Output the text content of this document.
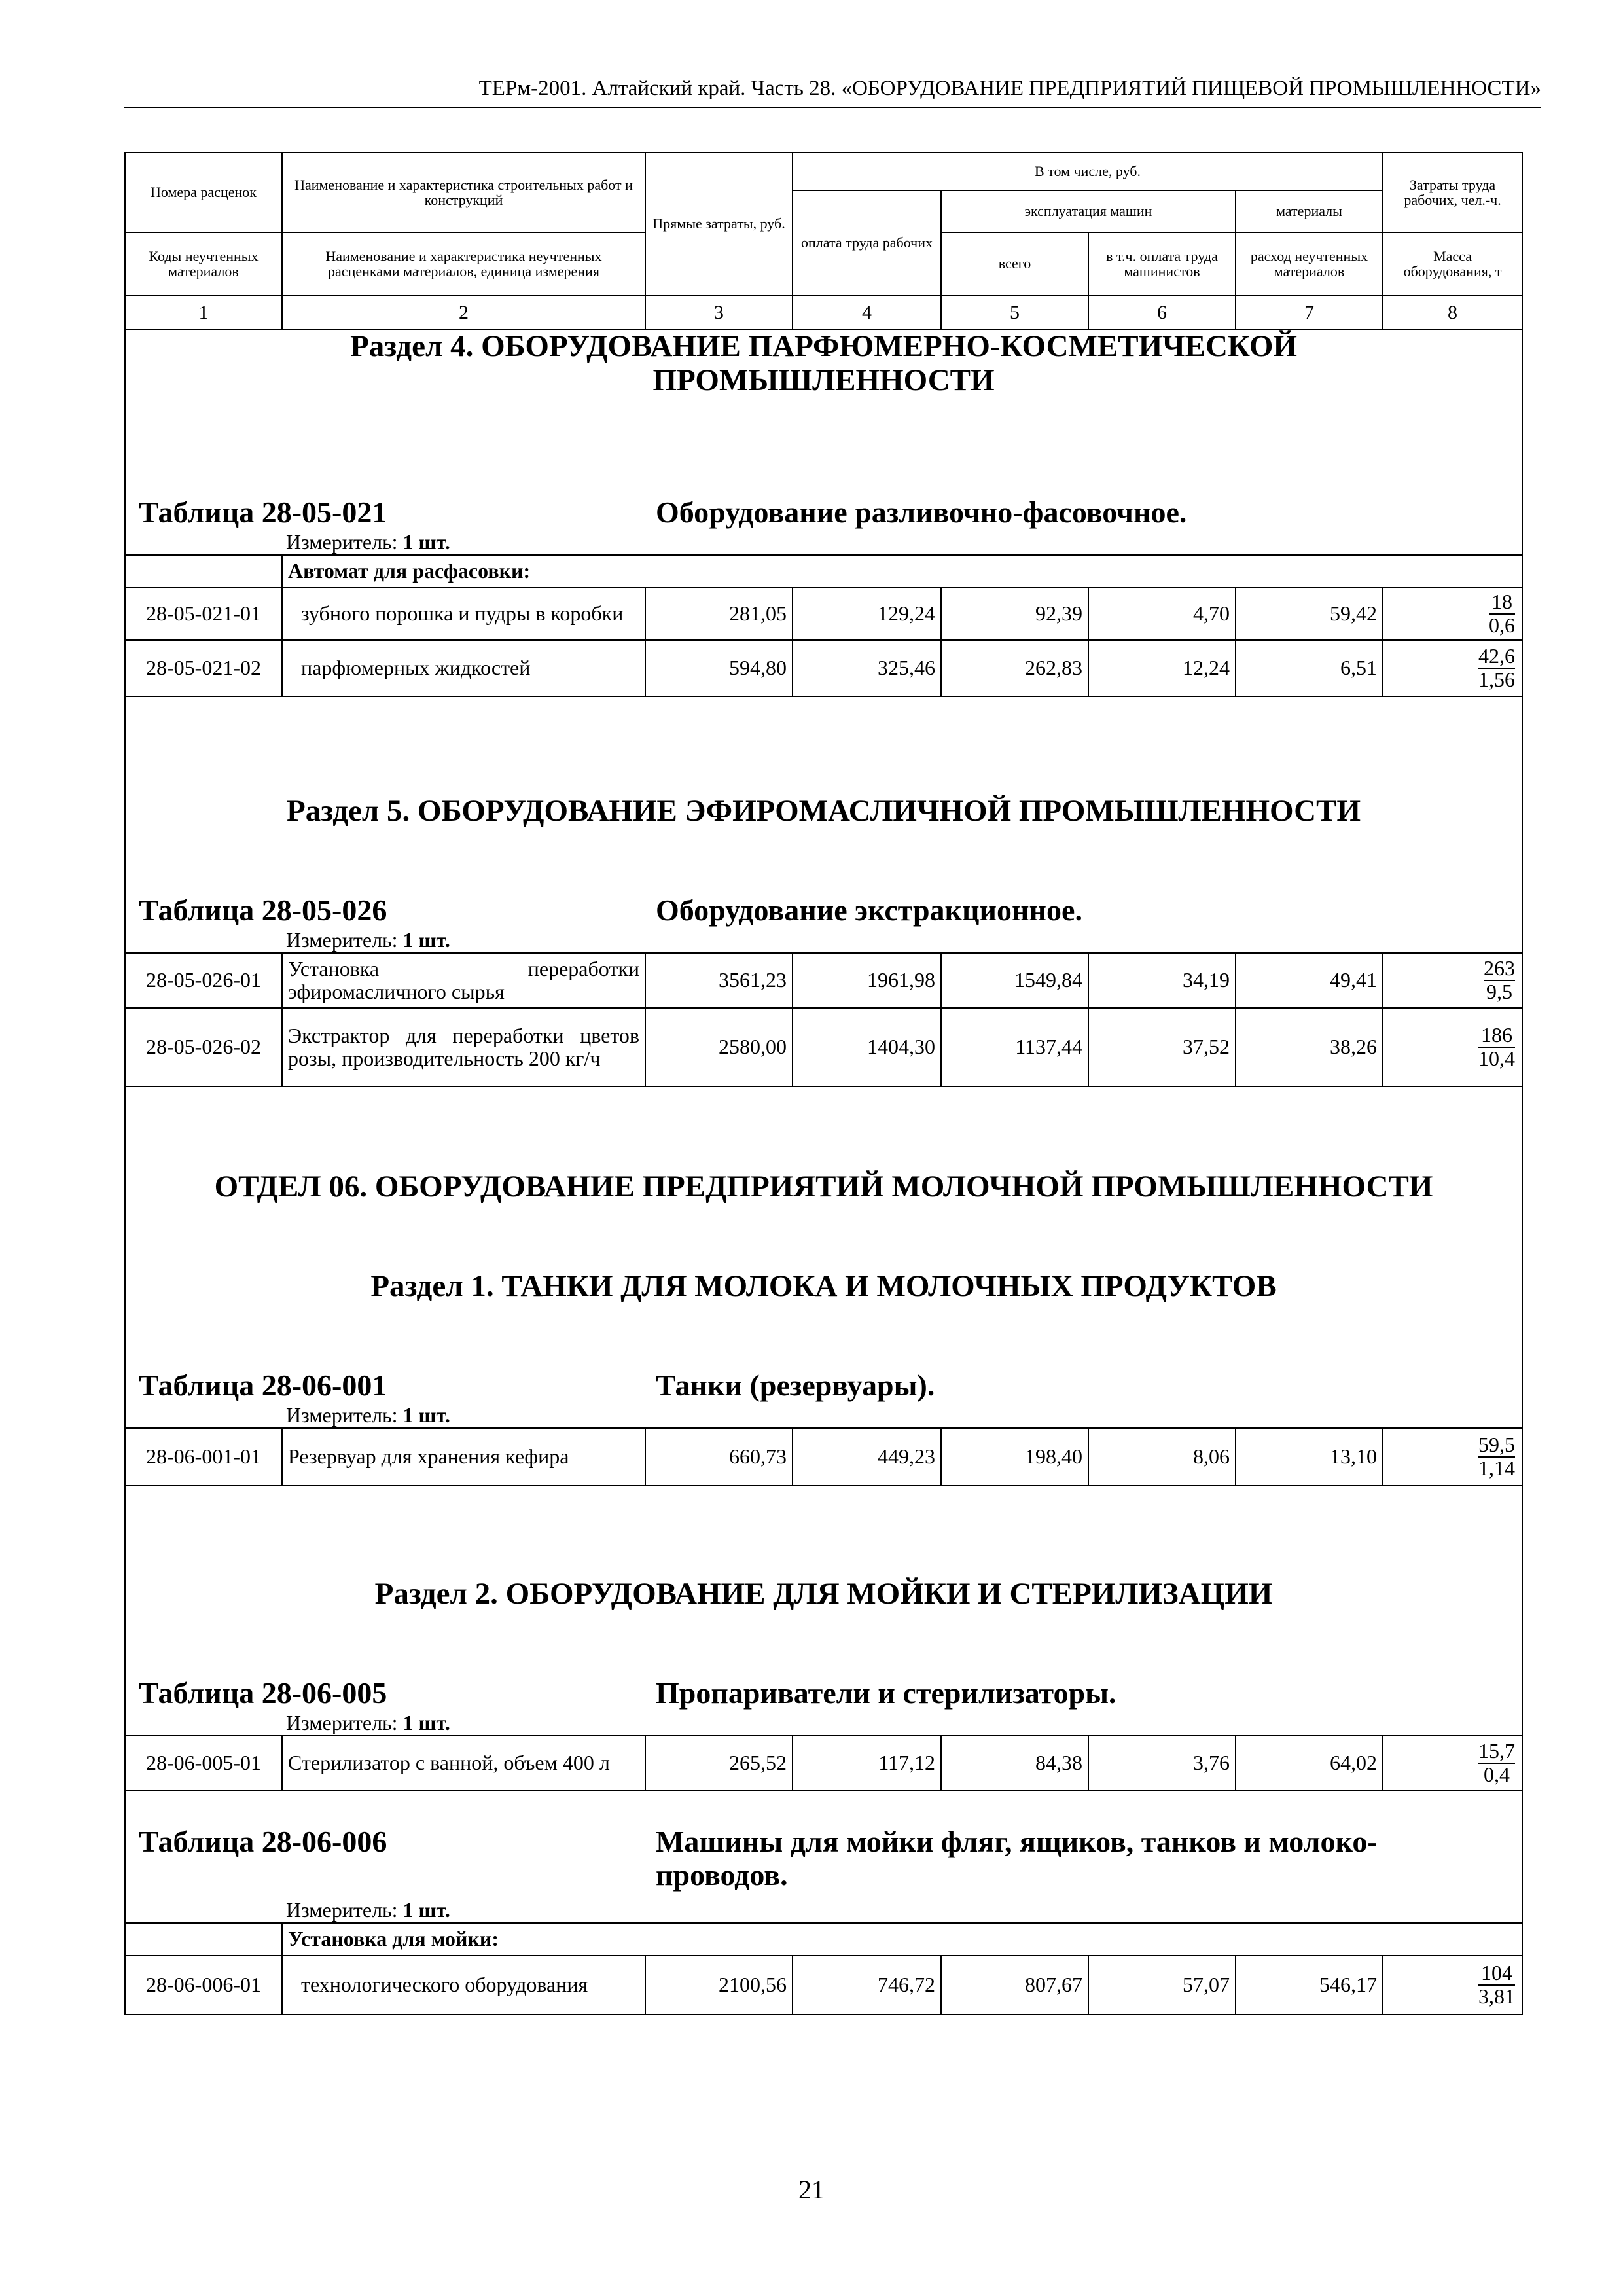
ТЕРм-2001. Алтайский край. Часть 28. «ОБОРУДОВАНИЕ ПРЕДПРИЯТИЙ ПИЩЕВОЙ ПРОМЫШЛЕННОСТИ»
Номера расценок	Наименование и характеристика строительных работ и конструкций	Прямые затраты, руб.	В том числе, руб.				Затраты труда рабочих, чел.-ч.
			оплата труда рабочих	эксплуатация машин		материалы	
Коды неучтенных материалов	Наименование и характеристика неучтенных расценками материалов, единица измерения			всего	в т.ч. оплата труда машинистов	расход неучтенных материалов	Масса оборудования, т
1	2	3	4	5	6	7	8

Раздел 4. ОБОРУДОВАНИЕ ПАРФЮМЕРНО-КОСМЕТИЧЕСКОЙ ПРОМЫШЛЕННОСТИ
Таблица 28-05-021 Оборудование разливочно-фасовочное.
Измеритель: 1 шт.							

	Автомат для расфасовки:						
28-05-021-01	зубного порошка и пудры в коробки	281,05	129,24	92,39	4,70	59,42	$\frac{18}{0,6}$

28-05-021-02	парфюмерных жидкостей	594,80	325,46	262,83	12,24	6,51	$\frac{42,6}{1,56}$

Раздел 5. ОБОРУДОВАНИЕ ЭФИРОМАСЛИЧНОЙ ПРОМЫШЛЕННОСТИ
Таблица 28-05-026 Оборудование экстракционное.
Измеритель: 1 шт.							

28-05-026-01	Установка переработки эфиромасличного сырья	3561,23	1961,98	1549,84	34,19	49,41	$\frac{263}{9,5}$

28-05-026-02	Экстрактор для переработки цветов розы, производительность 200 кг/ч	2580,00	1404,30	1137,44	37,52	38,26	$\frac{186}{10,4}$

ОТДЕЛ 06. ОБОРУДОВАНИЕ ПРЕДПРИЯТИЙ МОЛОЧНОЙ ПРОМЫШЛЕННОСТИ
Раздел 1. ТАНКИ ДЛЯ МОЛОКА И МОЛОЧНЫХ ПРОДУКТОВ
Таблица 28-06-001 Танки (резервуары).
Измеритель: 1 шт.							

28-06-001-01	Резервуар для хранения кефира	660,73	449,23	198,40	8,06	13,10	$\frac{59,5}{1,14}$

Раздел 2. ОБОРУДОВАНИЕ ДЛЯ МОЙКИ И СТЕРИЛИЗАЦИИ
Таблица 28-06-005 Пропариватели и стерилизаторы.
Измеритель: 1 шт.							

28-06-005-01	Стерилизатор с ванной, объем 400 л	265,52	117,12	84,38	3,76	64,02	$\frac{15,7}{0,4}$

Таблица 28-06-006 Машины для мойки фляг, ящиков, танков и молоко-проводов.
Измеритель: 1 шт.							

	Установка для мойки:						
28-06-006-01	технологического оборудования	2100,56	746,72	807,67	57,07	546,17	$\frac{104}{3,81}$
21
